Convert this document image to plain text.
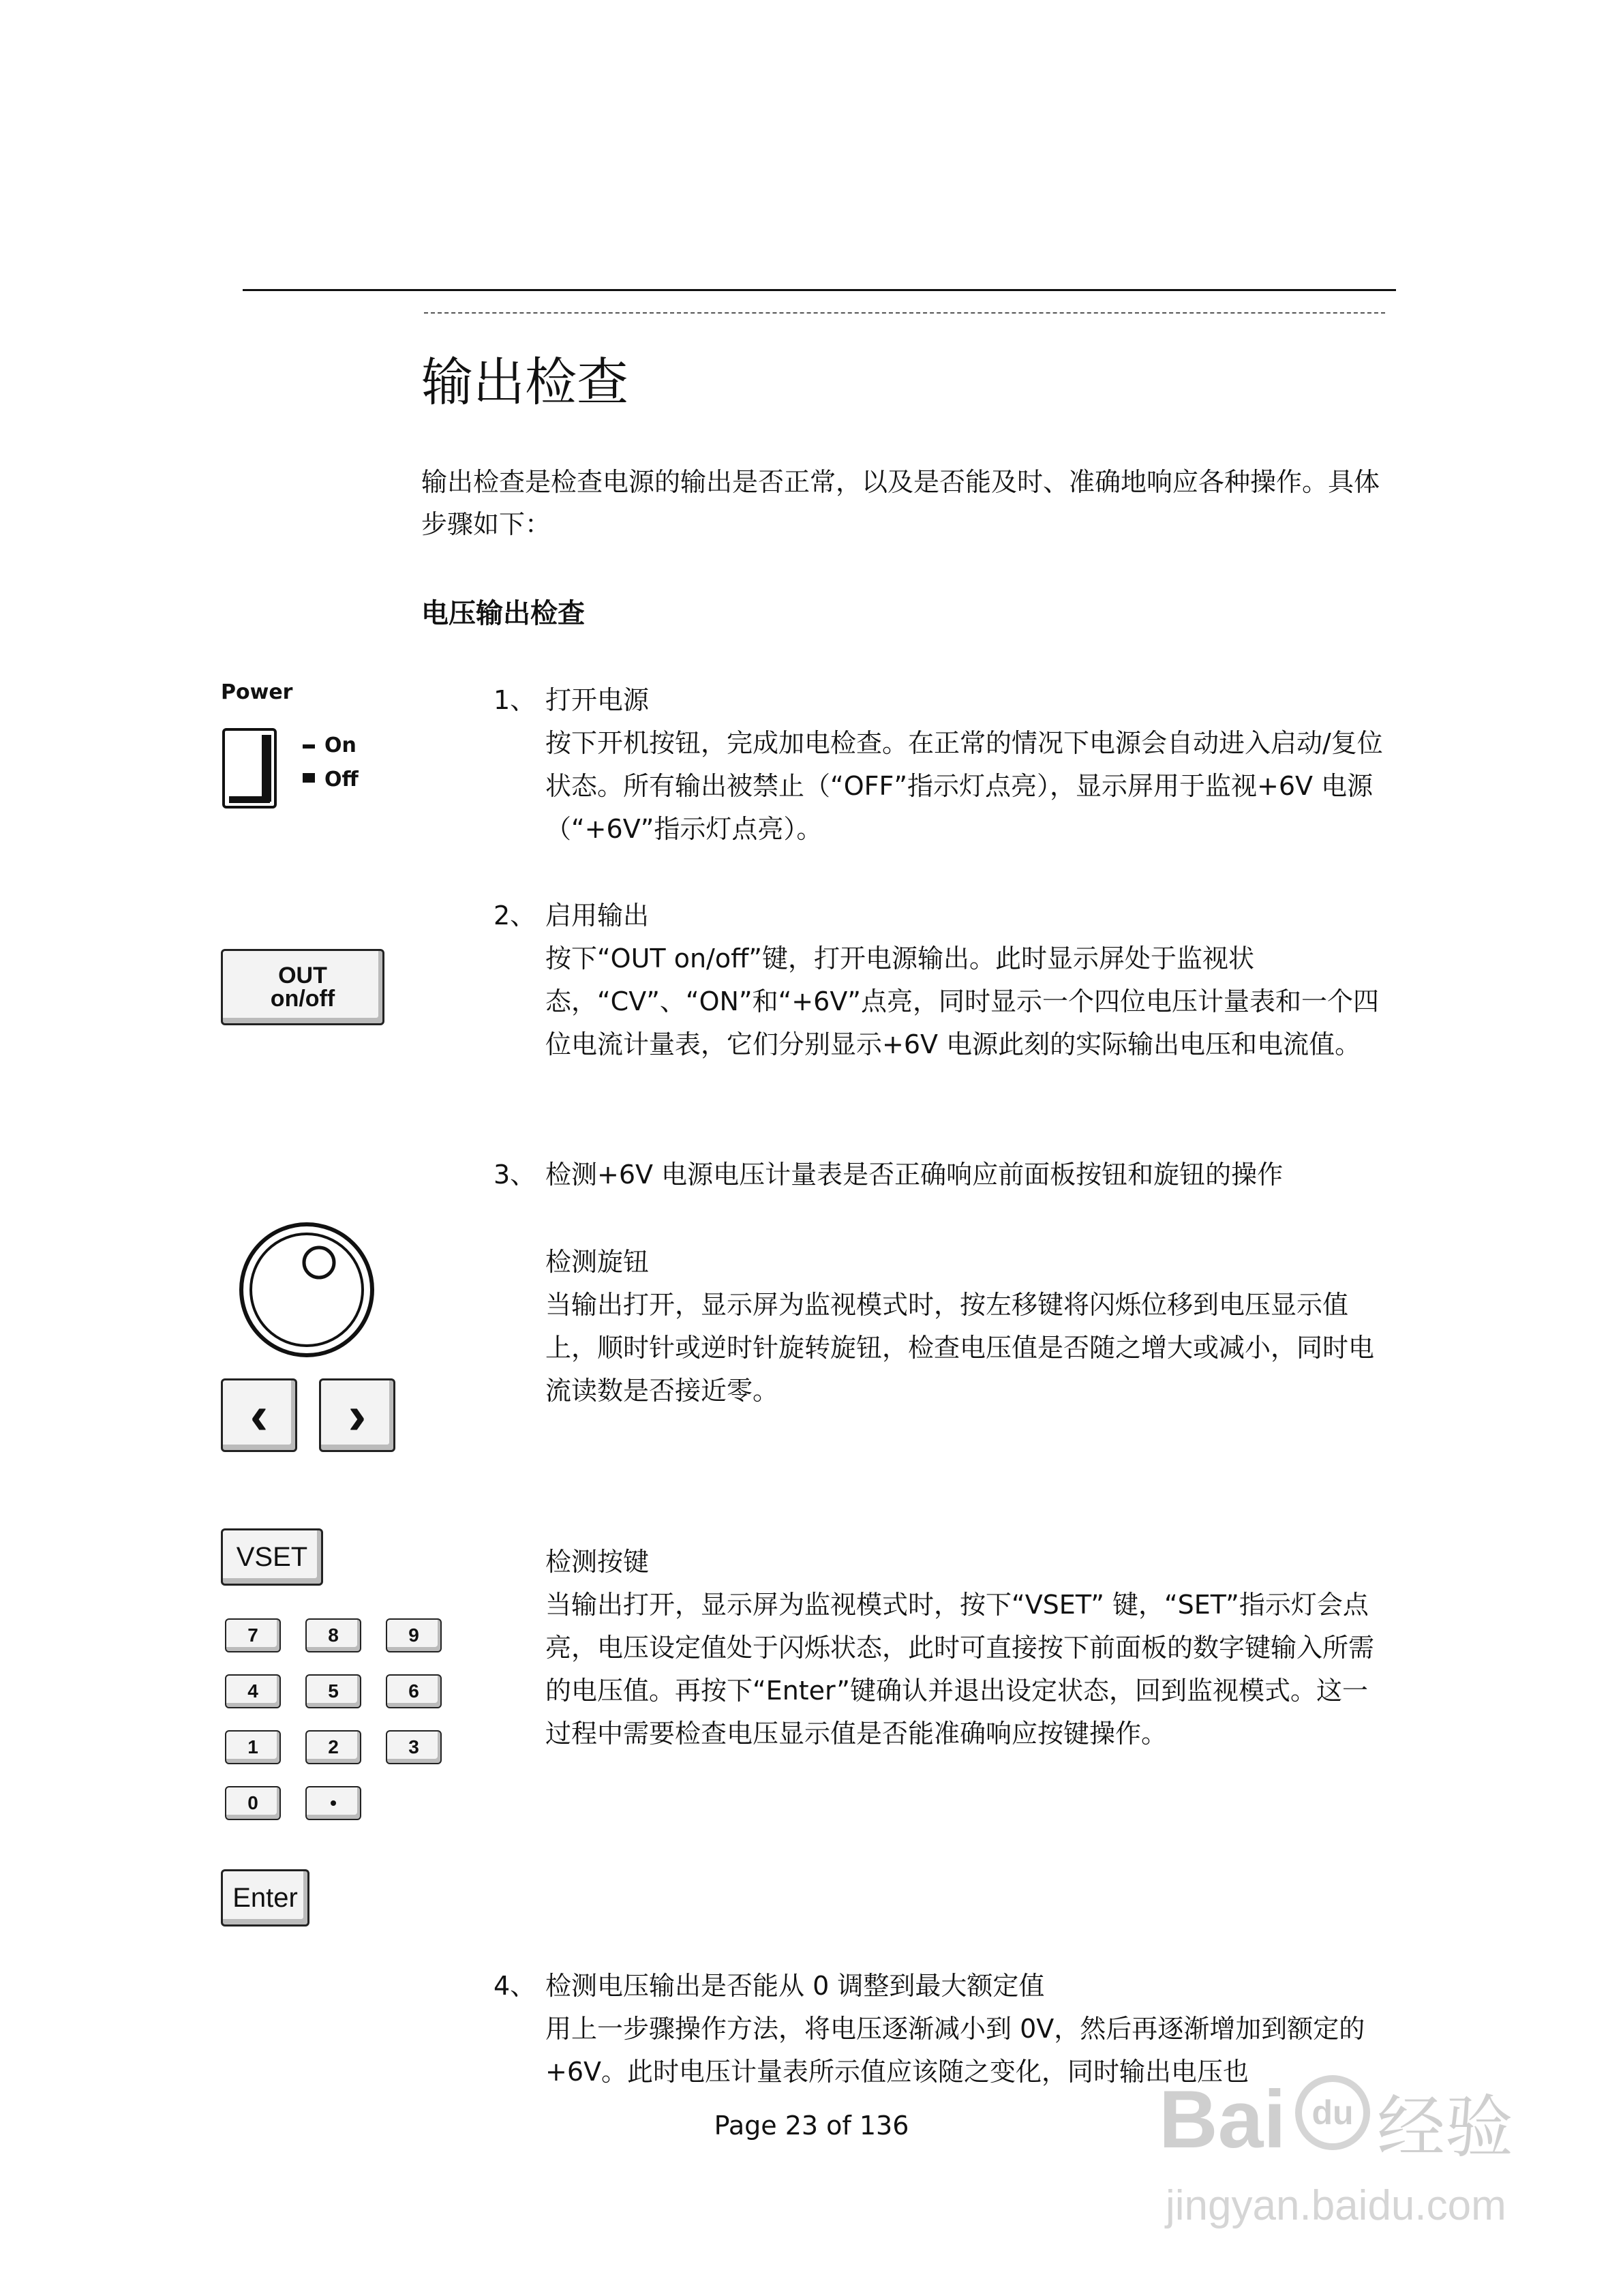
输出检查
输出检查是检查电源的输出是否正常，以及是否能及时、准确地响应各种操作。具体步骤如下：
电压输出检查
1、 打开电源
按下开机按钮，完成加电检查。在正常的情况下电源会自动进入启动/复位状态。所有输出被禁止（“OFF”指示灯点亮），显示屏用于监视+6V 电源（“+6V”指示灯点亮）。
Power
On
Off
2、 启用输出
按下“OUT on/off”键，打开电源输出。此时显示屏处于监视状态，“CV”、“ON”和“+6V”点亮，同时显示一个四位电压计量表和一个四位电流计量表，它们分别显示+6V 电源此刻的实际输出电压和电流值。
OUT
on/off
3、 检测+6V 电源电压计量表是否正确响应前面板按钮和旋钮的操作
检测旋钮
当输出打开，显示屏为监视模式时，按左移键将闪烁位移到电压显示值上，顺时针或逆时针旋转旋钮，检查电压值是否随之增大或减小，同时电流读数是否接近零。
‹ ›
检测按键
当输出打开，显示屏为监视模式时，按下“VSET” 键，“SET”指示灯会点亮，电压设定值处于闪烁状态，此时可直接按下前面板的数字键输入所需的电压值。再按下“Enter”键确认并退出设定状态，回到监视模式。这一过程中需要检查电压显示值是否能准确响应按键操作。
VSET
7	8	9
4	5	6
1	2	3
0	•
Enter
4、 检测电压输出是否能从 0 调整到最大额定值
用上一步骤操作方法，将电压逐渐减小到 0V，然后再逐渐增加到额定的+6V。此时电压计量表所示值应该随之变化，同时输出电压也
Page 23 of 136	Bai du 经验
jingyan.baidu.com
